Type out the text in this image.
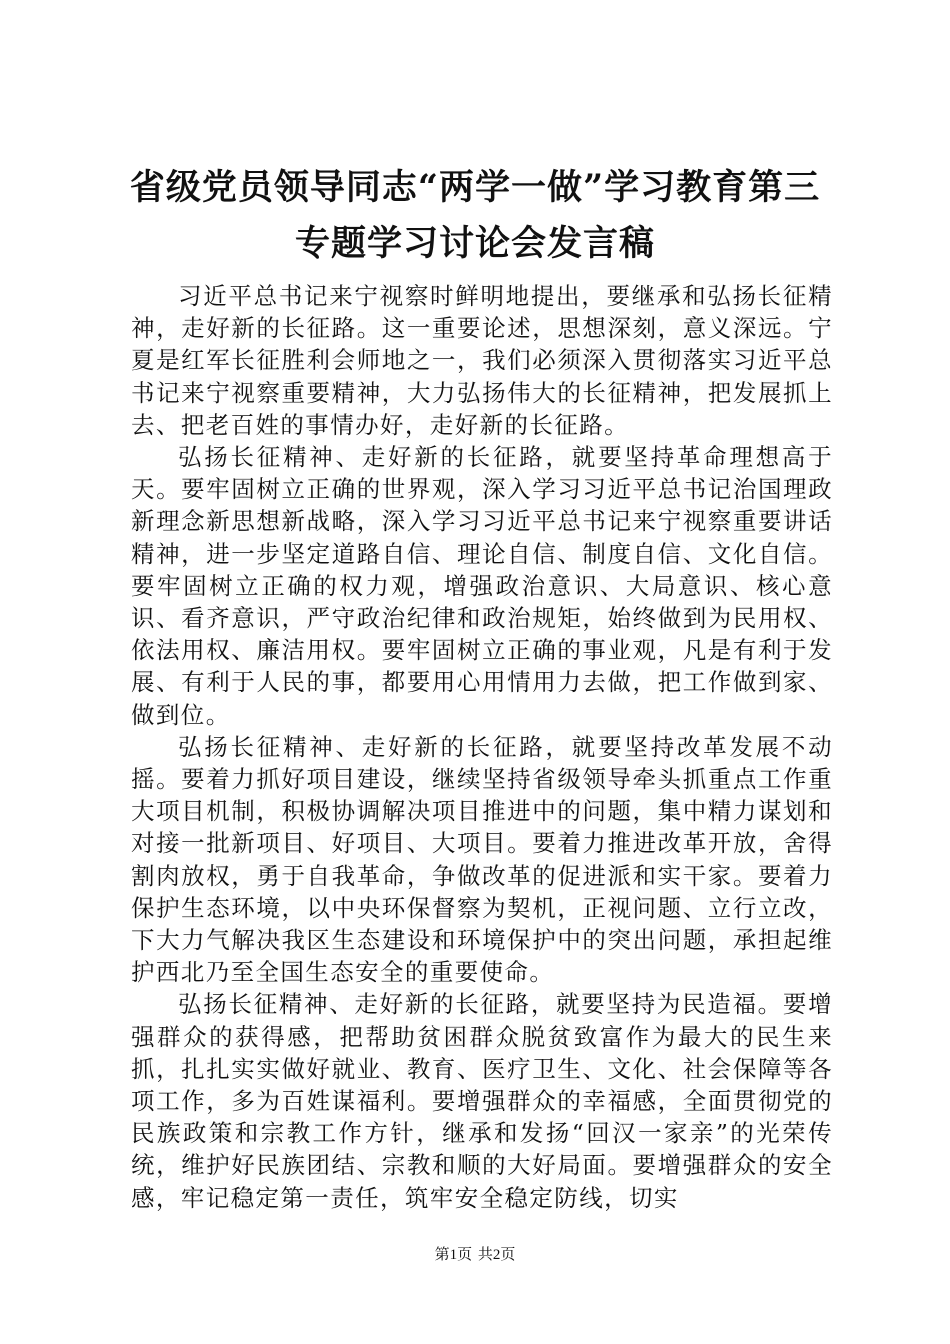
省级党员领导同志“两学一做”学习教育第三
专题学习讨论会发言稿

习近平总书记来宁视察时鲜明地提出，要继承和弘扬长征精神，走好新的长征路。这一重要论述，思想深刻，意义深远。宁夏是红军长征胜利会师地之一，我们必须深入贯彻落实习近平总书记来宁视察重要精神，大力弘扬伟大的长征精神，把发展抓上去、把老百姓的事情办好，走好新的长征路。

弘扬长征精神、走好新的长征路，就要坚持革命理想高于天。要牢固树立正确的世界观，深入学习习近平总书记治国理政新理念新思想新战略，深入学习习近平总书记来宁视察重要讲话精神，进一步坚定道路自信、理论自信、制度自信、文化自信。要牢固树立正确的权力观，增强政治意识、大局意识、核心意识、看齐意识，严守政治纪律和政治规矩，始终做到为民用权、依法用权、廉洁用权。要牢固树立正确的事业观，凡是有利于发展、有利于人民的事，都要用心用情用力去做，把工作做到家、做到位。

弘扬长征精神、走好新的长征路，就要坚持改革发展不动摇。要着力抓好项目建设，继续坚持省级领导牵头抓重点工作重大项目机制，积极协调解决项目推进中的问题，集中精力谋划和对接一批新项目、好项目、大项目。要着力推进改革开放，舍得割肉放权，勇于自我革命，争做改革的促进派和实干家。要着力保护生态环境，以中央环保督察为契机，正视问题、立行立改，下大力气解决我区生态建设和环境保护中的突出问题，承担起维护西北乃至全国生态安全的重要使命。

弘扬长征精神、走好新的长征路，就要坚持为民造福。要增强群众的获得感，把帮助贫困群众脱贫致富作为最大的民生来抓，扎扎实实做好就业、教育、医疗卫生、文化、社会保障等各项工作，多为百姓谋福利。要增强群众的幸福感，全面贯彻党的民族政策和宗教工作方针，继承和发扬“回汉一家亲”的光荣传统，维护好民族团结、宗教和顺的大好局面。要增强群众的安全感，牢记稳定第一责任，筑牢安全稳定防线，切实

第1页 共2页
